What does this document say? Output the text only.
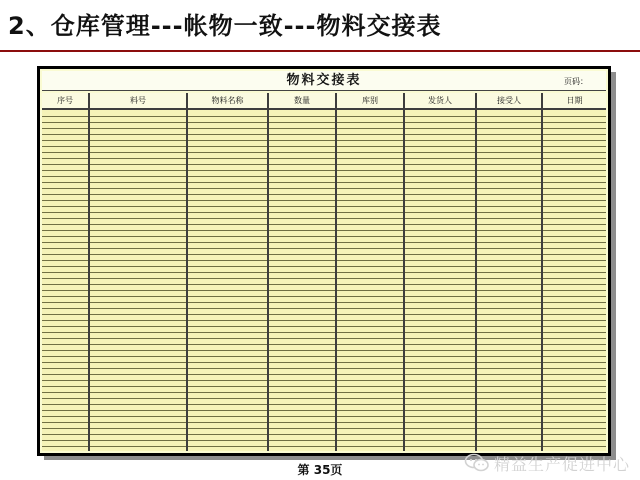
2、仓库管理---帐物一致---物料交接表
物料交接表	页码：
序号	料号	物料名称	数量	库别	发货人	接受人	日期
第 35页	精益生产促进中心
